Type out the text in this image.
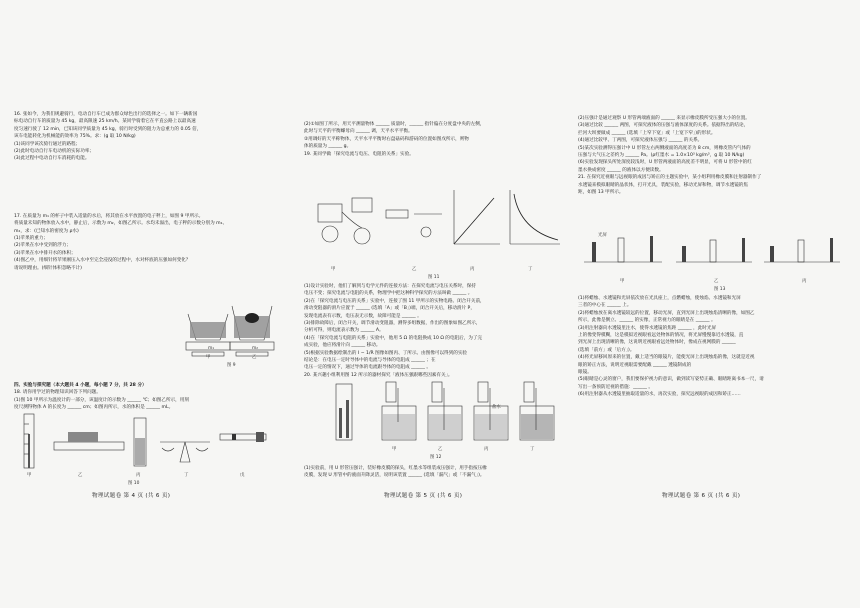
16. 张如今，为我们规避骑行，电动自行车已成为群众绿色出行的选择之一。如下一辆新国
标电动自行车的质量为 45 kg，最高限速 25 km/h。某同学骑着它在平直公路上以最高速
度匀速行驶了 12 min，已知该同学质量为 45 kg，骑行时受到的阻力为总重力的 0.05 倍，
该车电能转化为机械能的效率为 75%。求：(g 取 10 N/kg)
(1)该同学该次骑行通过的路程；
(2)此时电动自行车电动机的实际功率；
(3)此过程中电动自行车消耗的电能。
17. 在质量为 m₁ 的杯子中装入适量的水后，将其放在水平放置的电子秤上，如图 9 甲所示。
将质量未知的物体放入水中，静止后，示数为 m₂，如图乙所示。水均未溢出，电子秤的示数分别为 m₁、
m₂，求：(已知水的密度为 ρ水)
(1)苹果的重力；
(2)苹果在水中受到的浮力；
(3)苹果在水中排开水的体积；
(4)图乙中，用细针将苹果刚压入水中至完全浸没的过程中，水对杯底的压强如何变化？
请说明理由。(细针体积忽略不计)
m₁
甲
m₂
乙
图 9
四、实验与探究题（本大题共 4 小题，每小题 7 分，共 28 分）
18. 请你用学过的物理知识回答下列问题。
(1)图 10 甲所示为温度计的一部分，该温度计的示数为 ______ ℃；如图乙所示，用刻
度尺测得物体 A 的长度为 ______ cm；如图丙所示，水的体积是 ______ mL。
甲	乙	丙	丁	戊
图 10
(2)①如图丁所示，用天平测量物体 ______ 质量时，______ 指针偏在分度盘中央的左侧，
此时与天平的平衡螺母向 ______ 调，天平水平平衡。
②用调好的天平称物体，天平水平平衡时右盘砝码和游码的位置如图戊所示，则物
体的质量为 ______ g。
19. 某同学做「探究电流与电压、电阻的关系」实验。
甲	乙	丙	丁
图 11
(1)设计实验时，他们了解到与电学元件的连接方法：在探究电流与电压关系时，保持
电压不变；探究电流与电阻的关系，物理学中把这种科学探究的方法叫做 ______ 。
(2)在「探究电流与电压的关系」实验中，连接了图 11 甲所示的实物电路。闭合开关前，
滑动变阻器的滑片应置于 ______ (选填「A」或「B」)端，闭合开关后，移动滑片 P，
发现电流表有示数，电压表无示数，故障可能是 ______ 。
(3)排除故障后，闭合开关，调节滑动变阻器，测得多组数据，作出的图象如图乙所示，
分析可得，则电流表示数为 ______ A。
(4)在「探究电流与电阻的关系」实验中，他用 5 Ω 的电阻换成 10 Ω 的电阻后，为了完
成实验，他应将滑片向 ______ 移动。
(5)根据实验数据绘制出的 I − 1/R 图像如图丙、丁所示。由图像可以得到的实验
结论是：在电压一定时导体中的电流与导体的电阻成 ______ ；在
电压一定的情况下，通过导体的电流跟导体的电阻成 ______ 。
20. 某兴趣小组利用图 12 所示的器材探究「液体压强跟哪些因素有关」。
甲	乙	丙	丁
盐水
图 12
(1)实验前，用 U 形管压强计，装好橡皮膜的探头，红墨水等组装成压强计，用手指按压橡
皮膜，发现 U 形管中的液面升降灵活，说明该装置 ______ (选填「漏气」或「不漏气」)。
(2)压强计是通过观察 U 形管两端液面的 ______ 来显示橡皮膜所受压强大小的位置。
(3)通过比较 ______ 两图，可探究液体的压强与液体深度的关系。依据得出的结论，
拦河大坝要做成 ______ (选填「上窄下宽」或「上宽下窄」)的形状。
(4)通过比较甲、丁两图，可探究液体压强与 ______ 的关系。
(5)某次实验测得压强计中 U 形管左右两侧液面的高度差为 8 cm，则橡皮管内气体的
压强与大气压之差约为 ______ Pa。(ρ红墨水 = 1.0×10³ kg/m³，g 取 10 N/kg)
(6)实验发现探头所处深度较浅时，U 形管两液面的高度差不明显，可将 U 形管中的红
墨水换成密度 ______ 的液体以方便读数。
21. 在探究近视眼与远视眼的成因与矫正的主题实验中，某小组利用橡皮膜和注射器制作了
水透镜来模拟眼睛的晶状体，打开光具，装配实验，移动光屏和物，调节水透镜的焦
距，如图 13 甲所示。
光屏
甲	乙	丙
图 13
(1)将蜡烛、水透镜和光屏依次放在光具座上，点燃蜡烛，使烛焰、水透镜和光屏
三者的中心在 ______ 上。
(2)将蜡烛放在离水透镜较远的位置，移动光屏，直到光屏上出现烛焰清晰的像，如图乙
所示，此像是倒立、______ 的实像，正常视力的眼睛是在 ______ 。
(3)用注射器向水透镜里注水，使得水透镜的焦距 ______ ，此时光屏
上的像变得模糊，这是模拟近视眼看远处物体的情况，将光屏慢慢靠近水透镜，直
到光屏上出现清晰的像，这说明近视眼看远处物体时，像成在视网膜的 ______
(选填「前方」或「后方」)。
(4)将光屏移回原来的位置，戴上适当的眼镜片，能使光屏上出现烛焰的像，这就是近视
眼的矫正方法，说明近视眼需要配戴 ______ 透镜制成的
眼镜。
(5)眼睛是心灵的窗户，我们要保护视力的意识，做到读写姿势正确、眼睛距离书本一尺，请
写出一条预防近视的措施：______ 。
(6)用注射器从水透镜里抽取适量的水，再次实验，探究远视眼的成因和矫正……
物理试题卷 第 4 页 (共 6 页)	物理试题卷 第 5 页 (共 6 页)	物理试题卷 第 6 页 (共 6 页)
